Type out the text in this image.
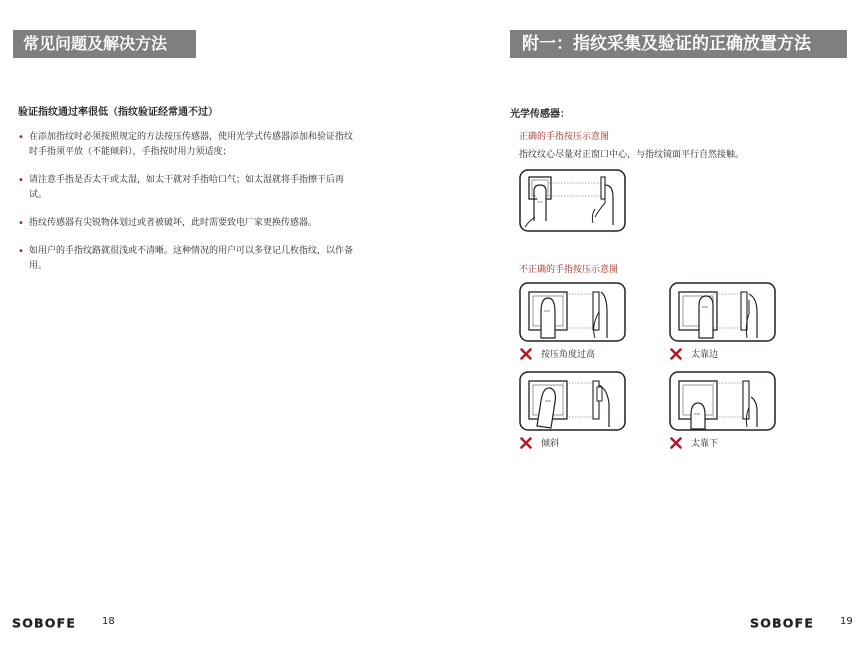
常见问题及解决方法
验证指纹通过率很低（指纹验证经常通不过）
• 在添加指纹时必须按照规定的方法按压传感器，使用光学式传感器添加和验证指纹时手指须平放（不能倾斜），手指按时用力须适度；
• 请注意手指是否太干或太湿，如太干就对手指哈口气；如太湿就将手指擦干后再试。
• 指纹传感器有尖锐物体划过或者被破坏，此时需要致电厂家更换传感器。
• 如用户的手指纹路就很浅或不清晰。这种情况的用户可以多登记几枚指纹，以作备用。
SOBOFE	18
附一：指纹采集及验证的正确放置方法
光学传感器：
正确的手指按压示意图
指纹纹心尽量对正窗口中心，与指纹镜面平行自然接触。
不正确的手指按压示意图
WW
按压角度过高
WW
太靠边
WW
倾斜
WW
太靠下
SOBOFE	19
